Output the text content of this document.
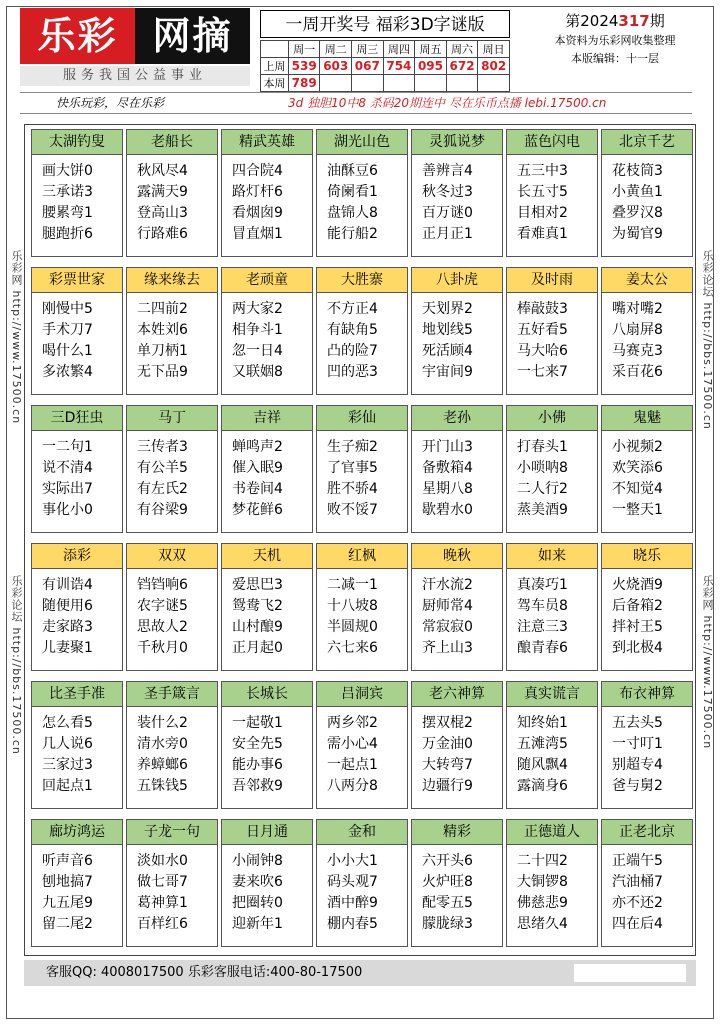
乐彩 网摘
服务我国公益事业
一周开奖号 福彩3D字谜版
	周一	周二	周三	周四	周五	周六	周日
上周	539	603	067	754	095	672	802
本周	789						
第2024317期
本资料为乐彩网收集整理
本版编辑：十一层
快乐玩彩，尽在乐彩	3d 独胆10中8 杀码20期连中 尽在乐币点播 lebi.17500.cn
乐彩网 http://www.17500.cn
乐彩论坛 http://bbs.17500.cn
乐彩论坛 http://bbs.17500.cn
乐彩网 http://www.17500.cn
太湖钓叟
画大饼0
三承诺3
腰累弯1
腿跑折6
老船长
秋风尽4
露满天9
登高山3
行路难6
精武英雄
四合院4
路灯杆6
看烟囱9
冒直烟1
湖光山色
油酥豆6
倚阑看1
盘锦人8
能行船2
灵狐说梦
善辨言4
秋冬过3
百万谜0
正月正1
蓝色闪电
五三中3
长五寸5
目相对2
看难真1
北京千艺
花枝筒3
小黄鱼1
叠罗汉8
为蜀官9
彩票世家
刚慢中5
手术刀7
喝什么1
多浓繁4
缘来缘去
二四前2
本姓刘6
单刀柄1
无下品9
老顽童
两大家2
相争斗1
忽一日4
又联姻8
大胜寨
不方正4
有缺角5
凸的险7
凹的恶3
八卦虎
天划界2
地划线5
死活顾4
宇宙间9
及时雨
棒敲鼓3
五好看5
马大哈6
一七来7
姜太公
嘴对嘴2
八扇屏8
马赛克3
采百花6
三D狂虫
一二句1
说不清4
实际出7
事化小0
马丁
三传者3
有公羊5
有左氏2
有谷梁9
吉祥
蝉鸣声2
催入眠9
书卷间4
梦花鲜6
彩仙
生子痴2
了官事5
胜不骄4
败不馁7
老孙
开门山3
备敷箱4
星期八8
歇碧水0
小佛
打春头1
小唢呐8
二人行2
蒸美酒9
鬼魅
小视频2
欢笑添6
不知觉4
一整天1
添彩
有训诰4
随便用6
走家路3
儿妻聚1
双双
铛铛响6
农字谜5
思故人2
千秋月0
天机
爱思巴3
鸳鸯飞2
山村酿9
正月起0
红枫
二减一1
十八坡8
半圆规0
六七来6
晚秋
汗水流2
厨师常4
常寂寂0
齐上山3
如来
真凑巧1
驾车员8
注意三3
酿青春6
晓乐
火烧酒9
后备箱2
拌衬王5
到北极4
比圣手准
怎么看5
几人说6
三家过3
回起点1
圣手箴言
装什么2
清水旁0
养蟑螂6
五铢钱5
长城长
一起敬1
安全先5
能办事6
吾邻救9
吕洞宾
两乡邻2
需小心4
一起点1
八两分8
老六神算
摆双棍2
万金油0
大转弯7
边疆行9
真实谎言
知终始1
五滩湾5
随风飘4
露滴身6
布衣神算
五去头5
一寸叮1
别超专4
爸与舅2
廊坊鸿运
听声音6
刨地搞7
九五尾9
留二尾2
子龙一句
淡如水0
做七哥7
葛神算1
百样红6
日月通
小闹钟8
妻来吹6
把圈转0
迎新年1
金和
小小大1
码头观7
酒中醉9
棚内春5
精彩
六开头6
火炉旺8
配零五5
朦胧绿3
正德道人
二十四2
大铜锣8
佛慈悲9
思绪久4
正老北京
正端午5
汽油桶7
亦不还2
四在后4
客服QQ: 4008017500 乐彩客服电话:400-80-17500
